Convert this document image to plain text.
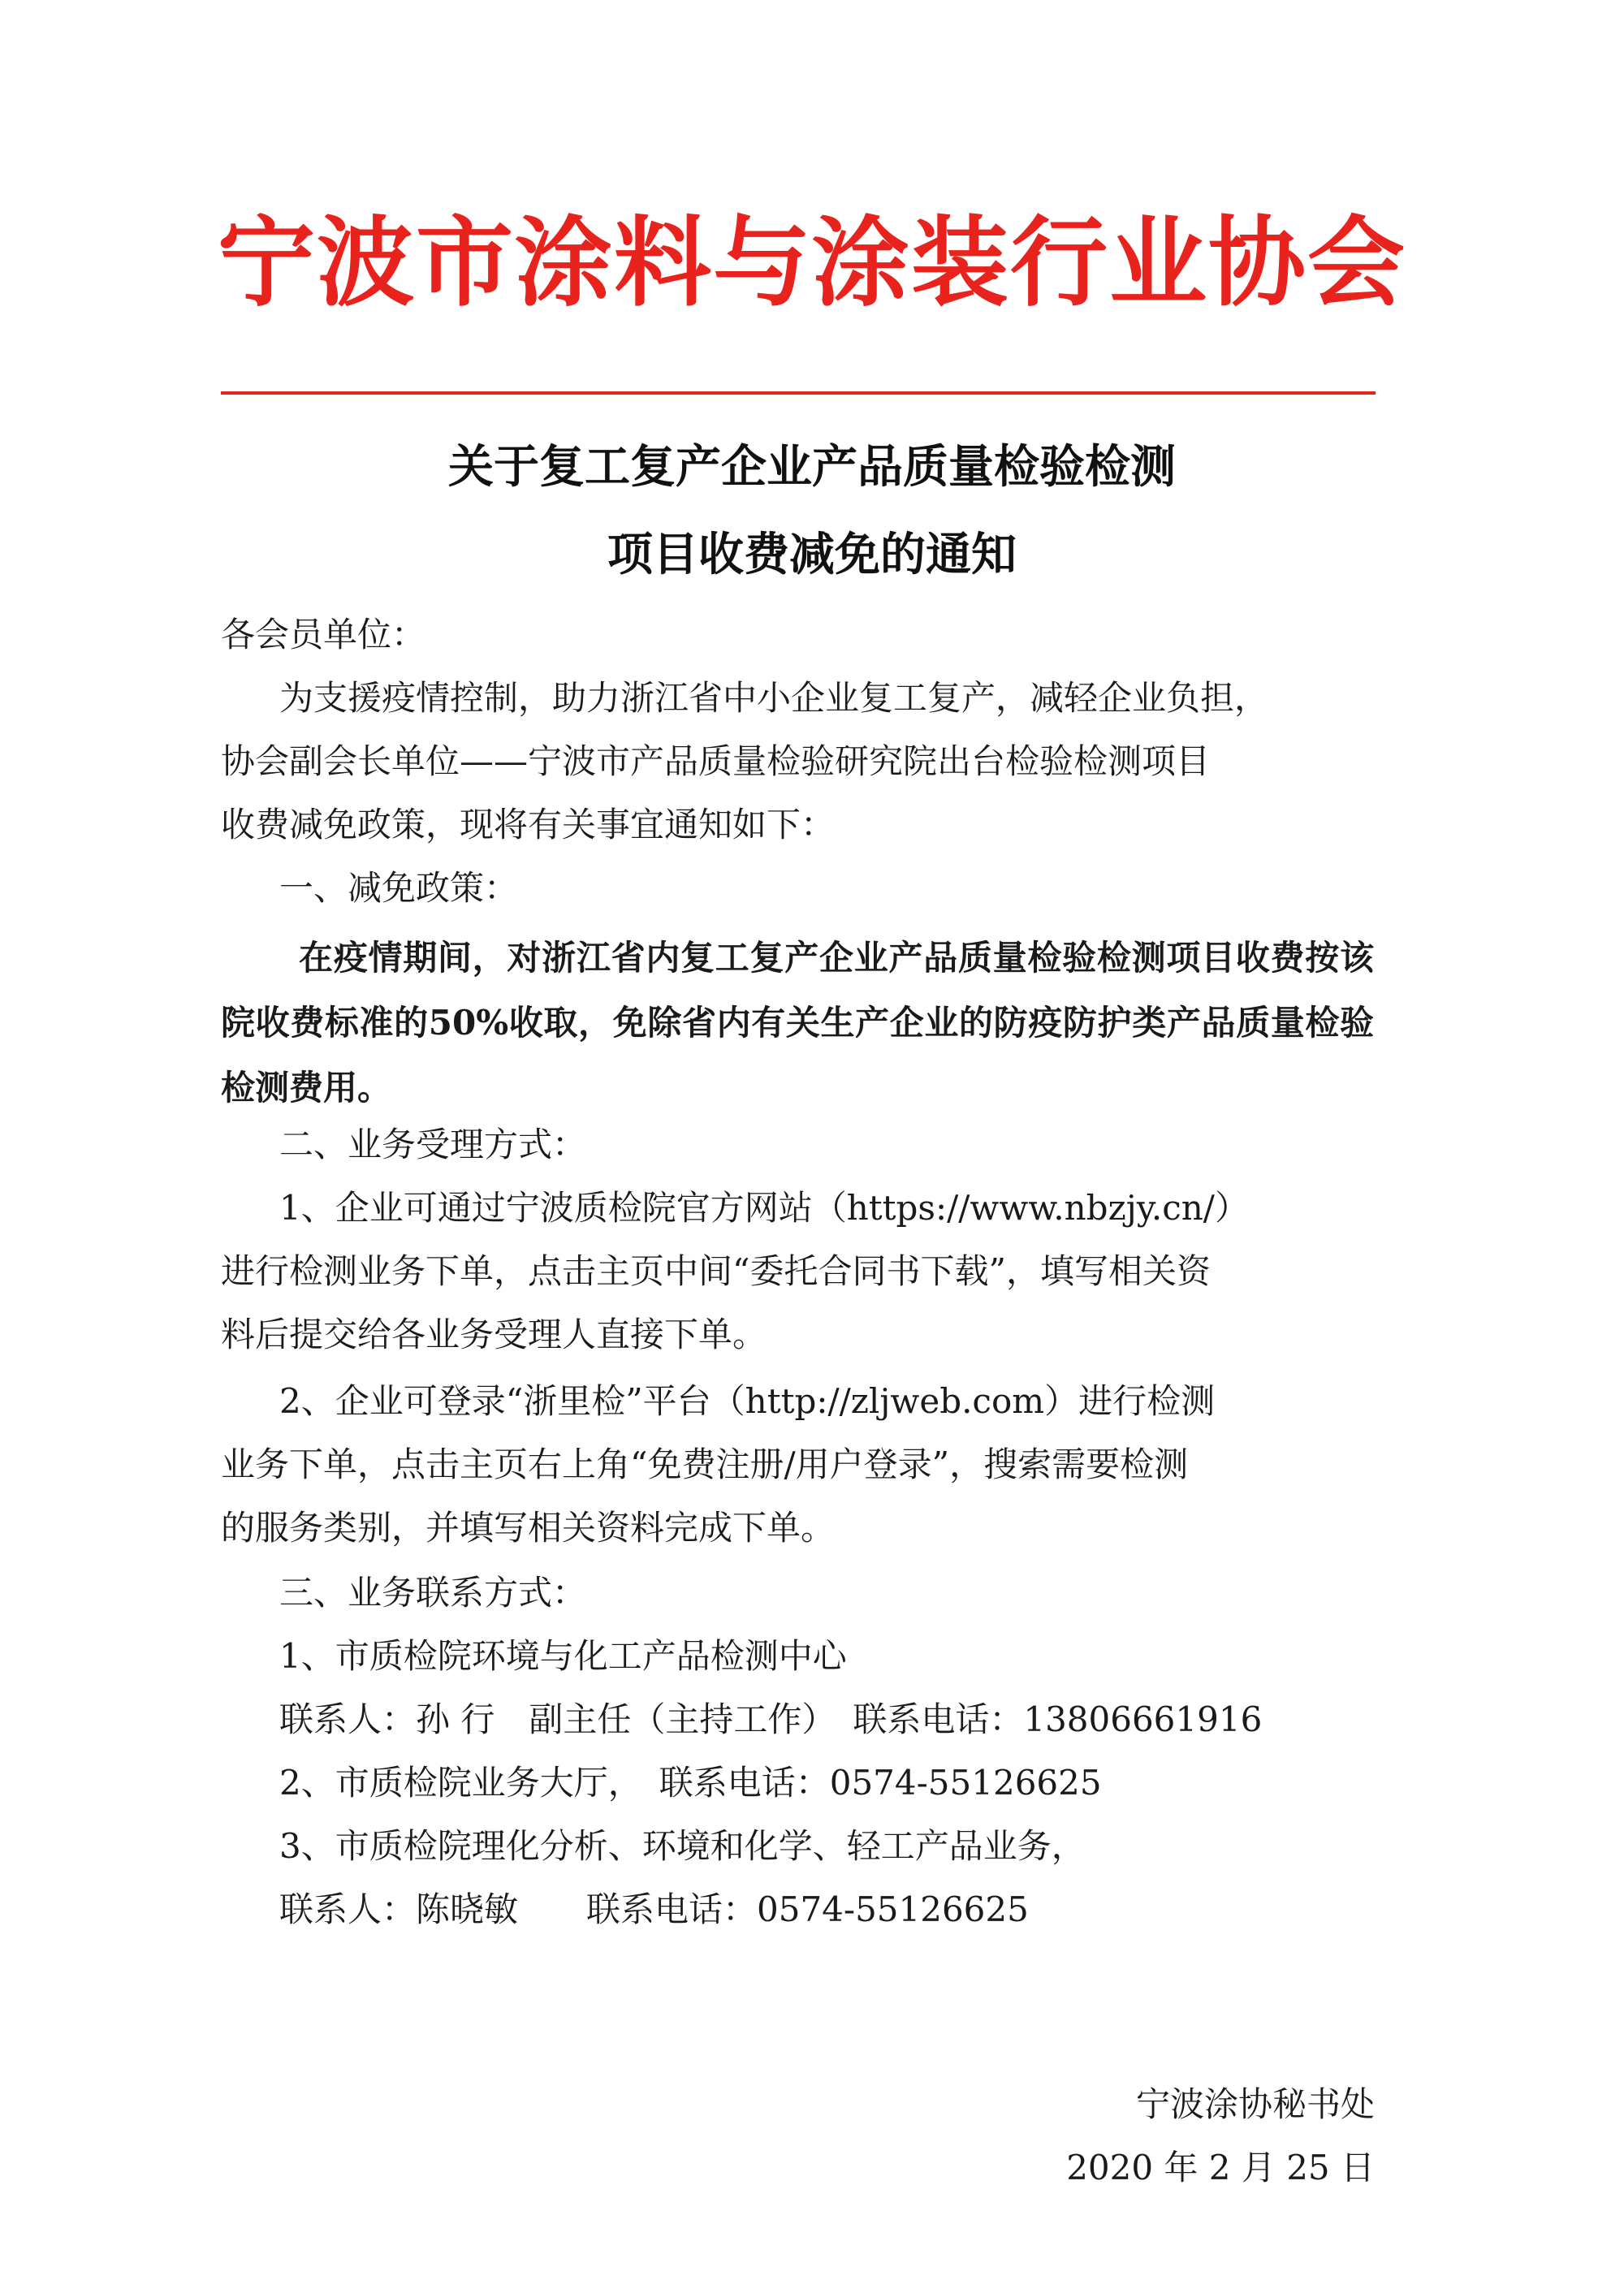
宁波市涂料与涂装行业协会
关于复工复产企业产品质量检验检测
项目收费减免的通知
各会员单位：
为支援疫情控制，助力浙江省中小企业复工复产，减轻企业负担，
协会副会长单位——宁波市产品质量检验研究院出台检验检测项目
收费减免政策，现将有关事宜通知如下：
一、减免政策：
在疫情期间，对浙江省内复工复产企业产品质量检验检测项目收费按该院收费标准的50%收取，免除省内有关生产企业的防疫防护类产品质量检验检测费用。
二、业务受理方式：
1、企业可通过宁波质检院官方网站（https://www.nbzjy.cn/）
进行检测业务下单，点击主页中间“委托合同书下载”，填写相关资
料后提交给各业务受理人直接下单。
2、企业可登录“浙里检”平台（http://zljweb.com）进行检测
业务下单，点击主页右上角“免费注册/用户登录”，搜索需要检测
的服务类别，并填写相关资料完成下单。
三、业务联系方式：
1、市质检院环境与化工产品检测中心
联系人：孙 行　副主任（主持工作）　联系电话：13806661916
2、市质检院业务大厅，　联系电话：0574-55126625
3、市质检院理化分析、环境和化学、轻工产品业务，
联系人：陈晓敏　　联系电话：0574-55126625
宁波涂协秘书处
2020 年 2 月 25 日
